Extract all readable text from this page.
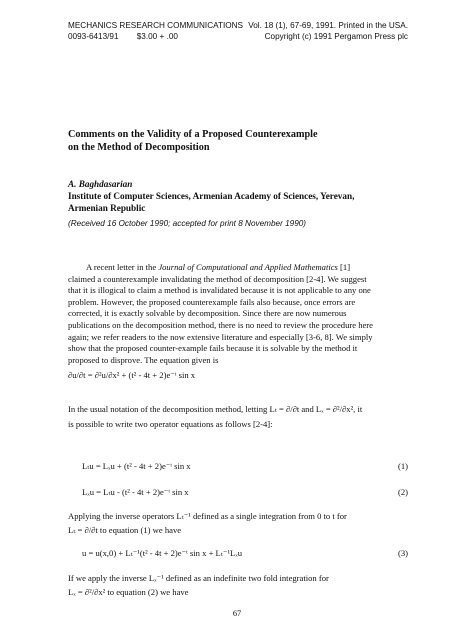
MECHANICS RESEARCH COMMUNICATIONS Vol. 18 (1), 67-69, 1991. Printed in the USA.
0093-6413/91 $3.00 + .00	Copyright (c) 1991 Pergamon Press plc
Comments on the Validity of a Proposed Counterexample
on the Method of Decomposition
A. Baghdasarian
Institute of Computer Sciences, Armenian Academy of Sciences, Yerevan,
Armenian Republic
(Received 16 October 1990; accepted for print 8 November 1990)
A recent letter in the Journal of Computational and Applied Mathematics [1]
claimed a counterexample invalidating the method of decomposition [2-4]. We suggest
that it is illogical to claim a method is invalidated because it is not applicable to any one
problem. However, the proposed counterexample fails also because, once errors are
corrected, it is exactly solvable by decomposition. Since there are now numerous
publications on the decomposition method, there is no need to review the procedure here
again; we refer readers to the now extensive literature and especially [3-6, 8]. We simply
show that the proposed counter-example fails because it is solvable by the method it
proposed to disprove. The equation given is
∂u/∂t = ∂²u/∂x² + (t² - 4t + 2)e⁻ᵗ sin x
In the usual notation of the decomposition method, letting Lₜ = ∂/∂t and Lₓ = ∂²/∂x², it
is possible to write two operator equations as follows [2-4]:
Lₜu = Lₓu + (t² - 4t + 2)e⁻ᵗ sin x	(1)
Lₓu = Lₜu - (t² - 4t + 2)e⁻ᵗ sin x	(2)
Applying the inverse operators Lₜ⁻¹ defined as a single integration from 0 to t for
Lₜ = ∂/∂t to equation (1) we have
u = u(x,0) + Lₜ⁻¹(t² - 4t + 2)e⁻ᵗ sin x + Lₜ⁻¹Lₓu	(3)
If we apply the inverse Lₓ⁻¹ defined as an indefinite two fold integration for
Lₓ = ∂²/∂x² to equation (2) we have
67
